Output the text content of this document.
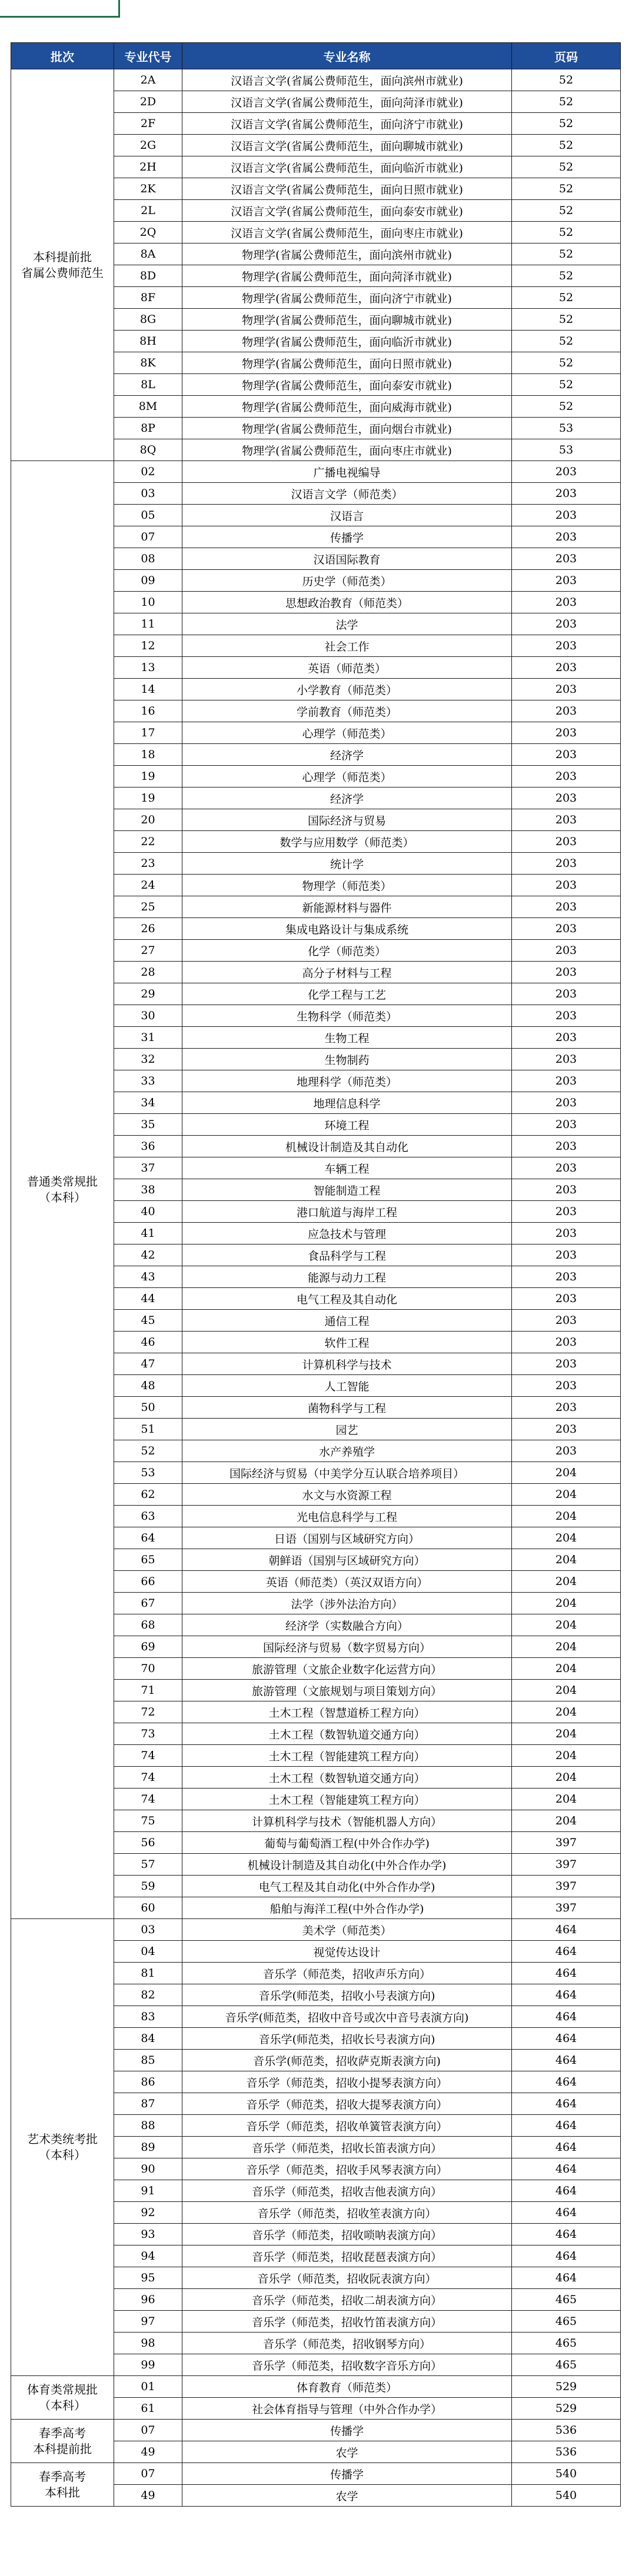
批次	专业代号	专业名称	页码
本科提前批
省属公费师范生	2A	汉语言文学(省属公费师范生，面向滨州市就业)	52
	2D	汉语言文学(省属公费师范生，面向菏泽市就业)	52
	2F	汉语言文学(省属公费师范生，面向济宁市就业)	52
	2G	汉语言文学(省属公费师范生，面向聊城市就业)	52
	2H	汉语言文学(省属公费师范生，面向临沂市就业)	52
	2K	汉语言文学(省属公费师范生，面向日照市就业)	52
	2L	汉语言文学(省属公费师范生，面向泰安市就业)	52
	2Q	汉语言文学(省属公费师范生，面向枣庄市就业)	52
	8A	物理学(省属公费师范生，面向滨州市就业)	52
	8D	物理学(省属公费师范生，面向菏泽市就业)	52
	8F	物理学(省属公费师范生，面向济宁市就业)	52
	8G	物理学(省属公费师范生，面向聊城市就业)	52
	8H	物理学(省属公费师范生，面向临沂市就业)	52
	8K	物理学(省属公费师范生，面向日照市就业)	52
	8L	物理学(省属公费师范生，面向泰安市就业)	52
	8M	物理学(省属公费师范生，面向威海市就业)	52
	8P	物理学(省属公费师范生，面向烟台市就业)	53
	8Q	物理学(省属公费师范生，面向枣庄市就业)	53
普通类常规批
（本科）	02	广播电视编导	203
	03	汉语言文学（师范类）	203
	05	汉语言	203
	07	传播学	203
	08	汉语国际教育	203
	09	历史学（师范类）	203
	10	思想政治教育（师范类）	203
	11	法学	203
	12	社会工作	203
	13	英语（师范类）	203
	14	小学教育（师范类）	203
	16	学前教育（师范类）	203
	17	心理学（师范类）	203
	18	经济学	203
	19	心理学（师范类）	203
	19	经济学	203
	20	国际经济与贸易	203
	22	数学与应用数学（师范类）	203
	23	统计学	203
	24	物理学（师范类）	203
	25	新能源材料与器件	203
	26	集成电路设计与集成系统	203
	27	化学（师范类）	203
	28	高分子材料与工程	203
	29	化学工程与工艺	203
	30	生物科学（师范类）	203
	31	生物工程	203
	32	生物制药	203
	33	地理科学（师范类）	203
	34	地理信息科学	203
	35	环境工程	203
	36	机械设计制造及其自动化	203
	37	车辆工程	203
	38	智能制造工程	203
	40	港口航道与海岸工程	203
	41	应急技术与管理	203
	42	食品科学与工程	203
	43	能源与动力工程	203
	44	电气工程及其自动化	203
	45	通信工程	203
	46	软件工程	203
	47	计算机科学与技术	203
	48	人工智能	203
	50	菌物科学与工程	203
	51	园艺	203
	52	水产养殖学	203
	53	国际经济与贸易（中美学分互认联合培养项目）	204
	62	水文与水资源工程	204
	63	光电信息科学与工程	204
	64	日语（国别与区域研究方向）	204
	65	朝鲜语（国别与区域研究方向）	204
	66	英语（师范类）（英汉双语方向）	204
	67	法学（涉外法治方向）	204
	68	经济学（实数融合方向）	204
	69	国际经济与贸易（数字贸易方向）	204
	70	旅游管理（文旅企业数字化运营方向）	204
	71	旅游管理（文旅规划与项目策划方向）	204
	72	土木工程（智慧道桥工程方向）	204
	73	土木工程（数智轨道交通方向）	204
	74	土木工程（智能建筑工程方向）	204
	74	土木工程（数智轨道交通方向）	204
	74	土木工程（智能建筑工程方向）	204
	75	计算机科学与技术（智能机器人方向）	204
	56	葡萄与葡萄酒工程(中外合作办学)	397
	57	机械设计制造及其自动化(中外合作办学)	397
	59	电气工程及其自动化(中外合作办学)	397
	60	船舶与海洋工程(中外合作办学)	397
艺术类统考批
（本科）	03	美术学（师范类）	464
	04	视觉传达设计	464
	81	音乐学（师范类，招收声乐方向）	464
	82	音乐学(师范类，招收小号表演方向)	464
	83	音乐学(师范类，招收中音号或次中音号表演方向)	464
	84	音乐学(师范类，招收长号表演方向)	464
	85	音乐学(师范类，招收萨克斯表演方向)	464
	86	音乐学（师范类，招收小提琴表演方向）	464
	87	音乐学（师范类，招收大提琴表演方向）	464
	88	音乐学（师范类，招收单簧管表演方向）	464
	89	音乐学（师范类，招收长笛表演方向）	464
	90	音乐学（师范类，招收手风琴表演方向）	464
	91	音乐学（师范类，招收吉他表演方向）	464
	92	音乐学（师范类，招收笙表演方向）	464
	93	音乐学（师范类，招收唢呐表演方向）	464
	94	音乐学（师范类，招收琵琶表演方向）	464
	95	音乐学（师范类，招收阮表演方向）	464
	96	音乐学（师范类，招收二胡表演方向）	465
	97	音乐学（师范类，招收竹笛表演方向）	465
	98	音乐学（师范类，招收钢琴方向）	465
	99	音乐学（师范类，招收数字音乐方向）	465
体育类常规批
（本科）	01	体育教育（师范类）	529
	61	社会体育指导与管理（中外合作办学）	529
春季高考
本科提前批	07	传播学	536
	49	农学	536
春季高考
本科批	07	传播学	540
	49	农学	540
